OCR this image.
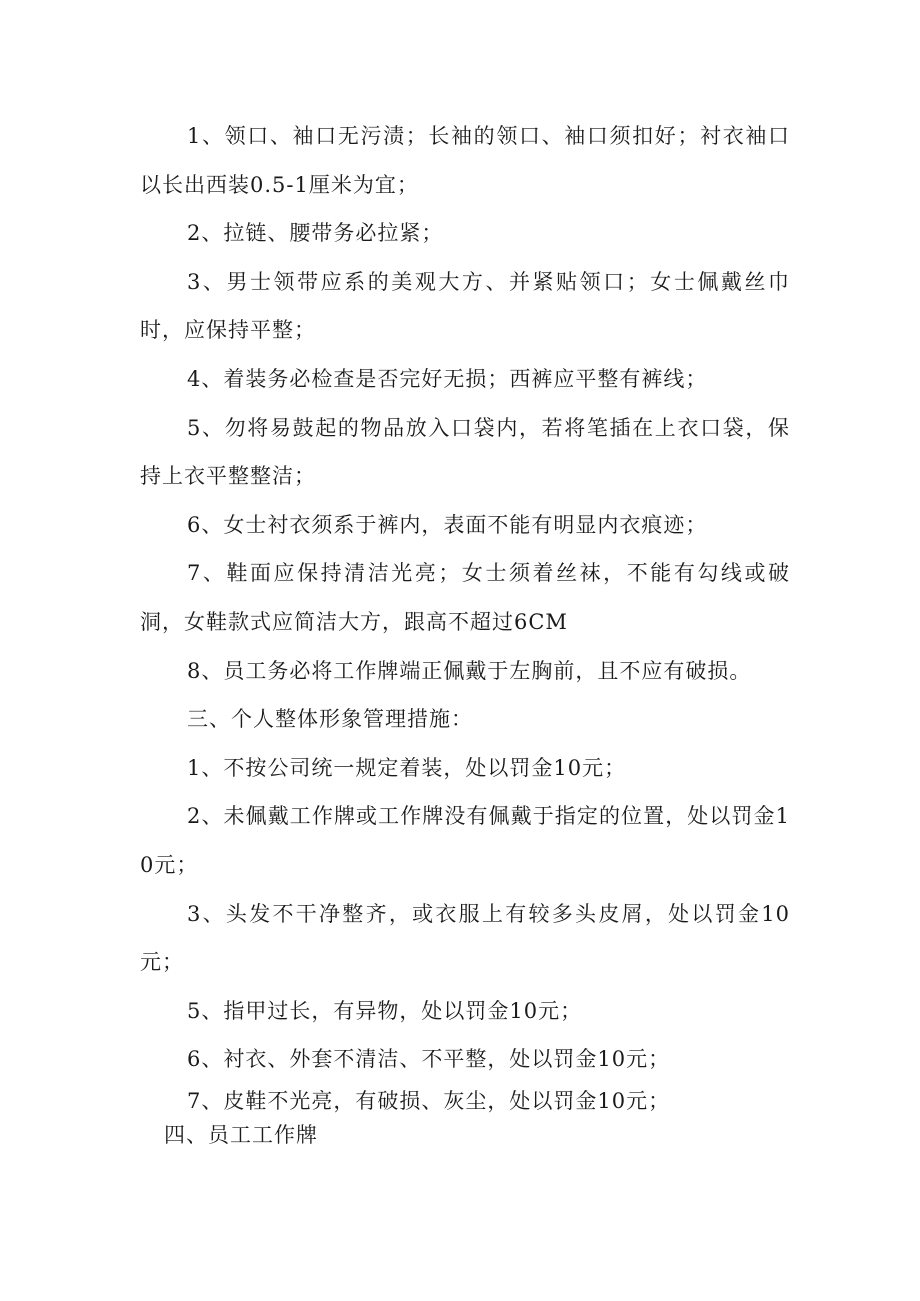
1、领口、袖口无污渍；长袖的领口、袖口须扣好；衬衣袖口以长出西装0.5-1厘米为宜；

2、拉链、腰带务必拉紧；

3、男士领带应系的美观大方、并紧贴领口；女士佩戴丝巾时，应保持平整；

4、着装务必检查是否完好无损；西裤应平整有裤线；

5、勿将易鼓起的物品放入口袋内，若将笔插在上衣口袋，保持上衣平整整洁；

6、女士衬衣须系于裤内，表面不能有明显内衣痕迹；

7、鞋面应保持清洁光亮；女士须着丝袜，不能有勾线或破洞，女鞋款式应简洁大方，跟高不超过6CM

8、员工务必将工作牌端正佩戴于左胸前，且不应有破损。

三、个人整体形象管理措施：

1、不按公司统一规定着装，处以罚金10元；

2、未佩戴工作牌或工作牌没有佩戴于指定的位置，处以罚金10元；

3、头发不干净整齐，或衣服上有较多头皮屑，处以罚金10元；

5、指甲过长，有异物，处以罚金10元；

6、衬衣、外套不清洁、不平整，处以罚金10元；

7、皮鞋不光亮，有破损、灰尘，处以罚金10元；

四、员工工作牌
